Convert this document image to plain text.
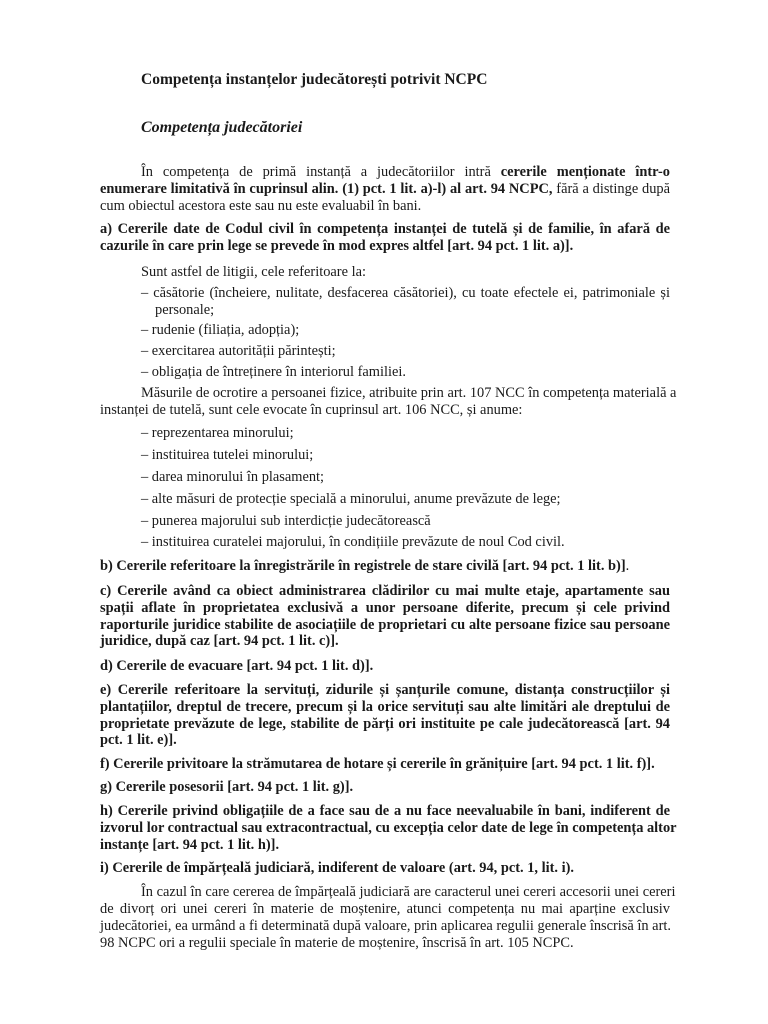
Competența instanțelor judecătorești potrivit NCPC
Competența judecătoriei
În competența de primă instanță a judecătoriilor intră cererile menționate într-o
enumerare limitativă în cuprinsul alin. (1) pct. 1 lit. a)-l) al art. 94 NCPC, fără a distinge după
cum obiectul acestora este sau nu este evaluabil în bani.
a) Cererile date de Codul civil în competența instanței de tutelă și de familie, în afară de
cazurile în care prin lege se prevede în mod expres altfel [art. 94 pct. 1 lit. a)].
Sunt astfel de litigii, cele referitoare la:
– căsătorie (încheiere, nulitate, desfacerea căsătoriei), cu toate efectele ei, patrimoniale și
personale;
– rudenie (filiația, adopția);
– exercitarea autorității părintești;
– obligația de întreținere în interiorul familiei.
Măsurile de ocrotire a persoanei fizice, atribuite prin art. 107 NCC în competența materială a
instanței de tutelă, sunt cele evocate în cuprinsul art. 106 NCC, și anume:
– reprezentarea minorului;
– instituirea tutelei minorului;
– darea minorului în plasament;
– alte măsuri de protecție specială a minorului, anume prevăzute de lege;
– punerea majorului sub interdicție judecătorească
– instituirea curatelei majorului, în condițiile prevăzute de noul Cod civil.
b) Cererile referitoare la înregistrările în registrele de stare civilă [art. 94 pct. 1 lit. b)].
c) Cererile având ca obiect administrarea clădirilor cu mai multe etaje, apartamente sau
spații aflate în proprietatea exclusivă a unor persoane diferite, precum și cele privind
raporturile juridice stabilite de asociațiile de proprietari cu alte persoane fizice sau persoane
juridice, după caz [art. 94 pct. 1 lit. c)].
d) Cererile de evacuare [art. 94 pct. 1 lit. d)].
e) Cererile referitoare la servituți, zidurile și șanțurile comune, distanța construcțiilor și
plantațiilor, dreptul de trecere, precum și la orice servituți sau alte limitări ale dreptului de
proprietate prevăzute de lege, stabilite de părți ori instituite pe cale judecătorească [art. 94
pct. 1 lit. e)].
f) Cererile privitoare la strămutarea de hotare și cererile în grănițuire [art. 94 pct. 1 lit. f)].
g) Cererile posesorii [art. 94 pct. 1 lit. g)].
h) Cererile privind obligațiile de a face sau de a nu face neevaluabile în bani, indiferent de
izvorul lor contractual sau extracontractual, cu excepția celor date de lege în competența altor
instanțe [art. 94 pct. 1 lit. h)].
i) Cererile de împărțeală judiciară, indiferent de valoare (art. 94, pct. 1, lit. i).
În cazul în care cererea de împărțeală judiciară are caracterul unei cereri accesorii unei cereri
de divorț ori unei cereri în materie de moștenire, atunci competența nu mai aparține exclusiv
judecătoriei, ea urmând a fi determinată după valoare, prin aplicarea regulii generale înscrisă în art.
98 NCPC ori a regulii speciale în materie de moștenire, înscrisă în art. 105 NCPC.
